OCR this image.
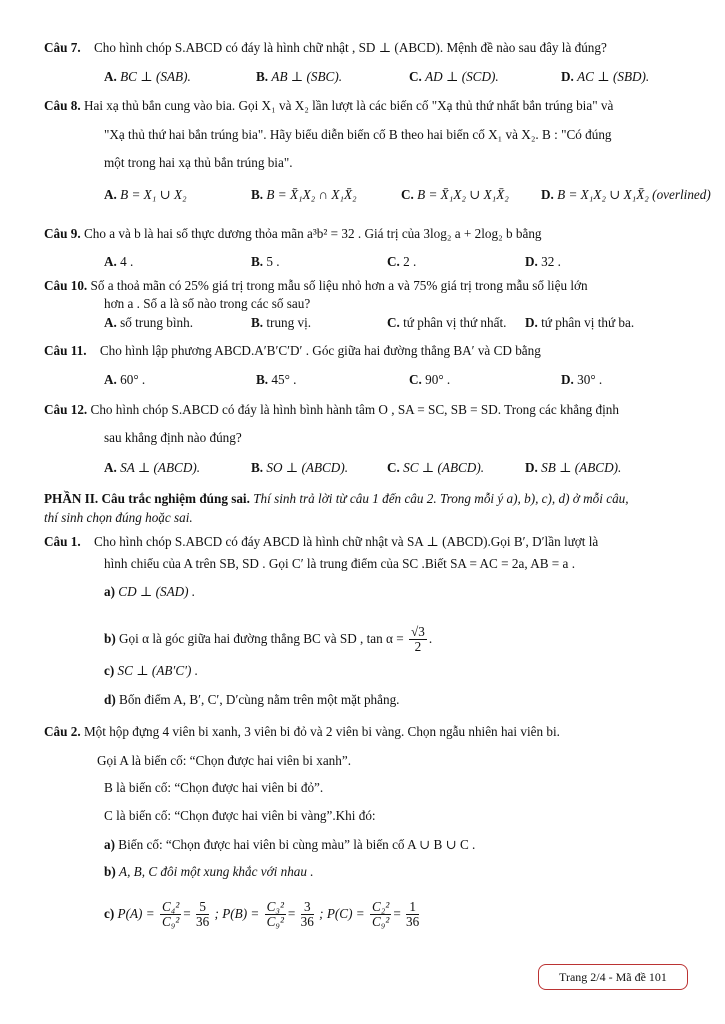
Câu 7. Cho hình chóp S.ABCD có đáy là hình chữ nhật , SD ⊥ (ABCD). Mệnh đề nào sau đây là đúng?
A. BC ⊥ (SAB).	B. AB ⊥ (SBC).	C. AD ⊥ (SCD).	D. AC ⊥ (SBD).
Câu 8. Hai xạ thủ bắn cung vào bia. Gọi X₁ và X₂ lần lượt là các biến cố "Xạ thủ thứ nhất bắn trúng bia" và
"Xạ thủ thứ hai bắn trúng bia". Hãy biểu diễn biến cố B theo hai biến cố X₁ và X₂. B : "Có đúng
một trong hai xạ thủ bắn trúng bia".
A. B = X₁ ∪ X₂	B. B = X̄₁X₂ ∩ X₁X̄₂	C. B = X̄₁X₂ ∪ X₁X̄₂ D. B = X₁X₂ ∪ X₁X̄₂ (overlined)
Câu 9. Cho a và b là hai số thực dương thỏa mãn a³b² = 32 . Giá trị của 3log₂ a + 2log₂ b bằng
A. 4 .	B. 5 .	C. 2 .	D. 32 .
Câu 10. Số a thoả mãn có 25% giá trị trong mẫu số liệu nhỏ hơn a và 75% giá trị trong mẫu số liệu lớn
hơn a . Số a là số nào trong các số sau?
A. số trung bình.	B. trung vị.	C. tứ phân vị thứ nhất. D. tứ phân vị thứ ba.
Câu 11. Cho hình lập phương ABCD.A′B′C′D′ . Góc giữa hai đường thẳng BA′ và CD bằng
A. 60° .	B. 45° .	C. 90° .	D. 30° .
Câu 12. Cho hình chóp S.ABCD có đáy là hình bình hành tâm O , SA = SC, SB = SD. Trong các khẳng định
sau khẳng định nào đúng?
A. SA ⊥ (ABCD).	B. SO ⊥ (ABCD).	C. SC ⊥ (ABCD).	D. SB ⊥ (ABCD).
PHẦN II. Câu trắc nghiệm đúng sai. Thí sinh trả lời từ câu 1 đến câu 2. Trong mỗi ý a), b), c), d) ở mỗi câu,
thí sinh chọn đúng hoặc sai.
Câu 1. Cho hình chóp S.ABCD có đáy ABCD là hình chữ nhật và SA ⊥ (ABCD).Gọi B′, D′lần lượt là
hình chiếu của A trên SB, SD . Gọi C′ là trung điểm của SC .Biết SA = AC = 2a, AB = a .
a) CD ⊥ (SAD) .
b) Gọi α là góc giữa hai đường thẳng BC và SD , $\tan \alpha = \frac{√3}{2}$ .
c) SC ⊥ (AB′C′) .
d) Bốn điểm A, B′, C′, D′cùng nằm trên một mặt phẳng.
Câu 2. Một hộp đựng 4 viên bi xanh, 3 viên bi đỏ và 2 viên bi vàng. Chọn ngẫu nhiên hai viên bi.
Gọi A là biến cố: “Chọn được hai viên bi xanh”.
B là biến cố: “Chọn được hai viên bi đỏ”.
C là biến cố: “Chọn được hai viên bi vàng”.Khi đó:
a) Biến cố: “Chọn được hai viên bi cùng màu” là biến cố A ∪ B ∪ C .
b) A, B, C đôi một xung khắc với nhau .
c) $P(A) = \frac{\text{C₄²}}{\text{C₉²}} = \frac{5}{36}$ ; $P(B) = \frac{\text{C₃²}}{\text{C₉²}} = \frac{3}{36}$ ; $P(C) = \frac{\text{C₂²}}{\text{C₉²}} = \frac{1}{36}$
Trang 2/4 - Mã đề 101
